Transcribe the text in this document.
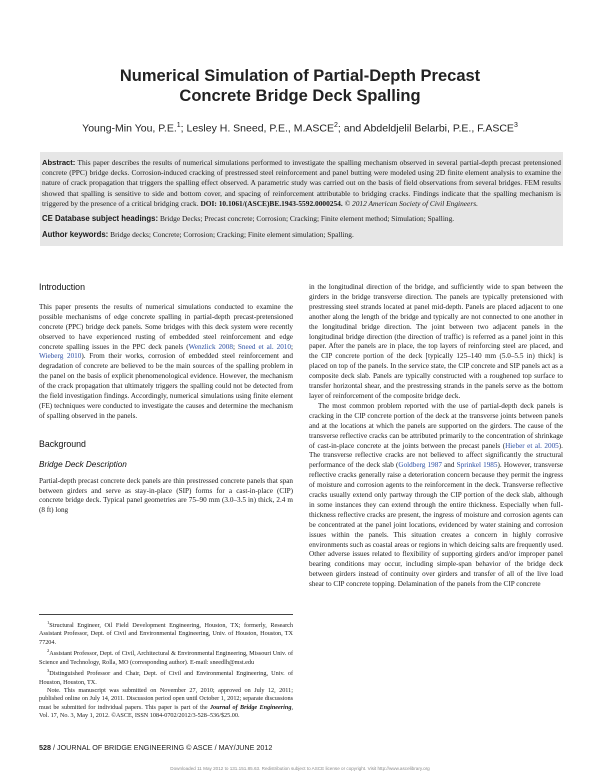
Numerical Simulation of Partial-Depth Precast
Concrete Bridge Deck Spalling
Young-Min You, P.E.$^1$; Lesley H. Sneed, P.E., M.ASCE$^2$; and Abdeldjelil Belarbi, P.E., F.ASCE$^3$

Abstract: This paper describes the results of numerical simulations performed to investigate the spalling mechanism observed in several partial-depth precast pretensioned concrete (PPC) bridge decks. Corrosion-induced cracking of prestressed steel reinforcement and panel butting were modeled using 2D finite element analysis to examine the nature of crack propagation that triggers the spalling effect observed. A parametric study was carried out on the basis of field observations from several bridges. FEM results showed that spalling is sensitive to side and bottom cover, and spacing of reinforcement attributable to bridging cracks. Findings indicate that the spalling mechanism is triggered by the presence of a critical bridging crack. DOI: 10.1061/(ASCE)BE.1943-5592.0000254. © 2012 American Society of Civil Engineers.

CE Database subject headings: Bridge Decks; Precast concrete; Corrosion; Cracking; Finite element method; Simulation; Spalling.
Author keywords: Bridge decks; Concrete; Corrosion; Cracking; Finite element simulation; Spalling.
Introduction

This paper presents the results of numerical simulations conducted to examine the possible mechanisms of edge concrete spalling in partial-depth precast-pretensioned concrete (PPC) bridge deck panels. Some bridges with this deck system were recently observed to have experienced rusting of embedded steel reinforcement and edge concrete spalling issues in the PPC deck panels (Wenzlick 2008; Sneed et al. 2010; Wieberg 2010). From their works, corrosion of embedded steel reinforcement and degradation of concrete are believed to be the main sources of the spalling problem in the panel on the basis of explicit phenomenological evidence. However, the mechanism of the crack propagation that ultimately triggers the spalling could not be detected from the field investigation findings. Accordingly, numerical simulations using finite element (FE) techniques were conducted to investigate the causes and determine the mechanism of spalling observed in the panels.

Background
Bridge Deck Description

Partial-depth precast concrete deck panels are thin prestressed concrete panels that span between girders and serve as stay-in-place (SIP) forms for a cast-in-place (CIP) concrete bridge deck. Typical panel geometries are 75–90 mm (3.0–3.5 in) thick, 2.4 m (8 ft) long

$^1$Structural Engineer, Oil Field Development Engineering, Houston, TX; formerly, Research Assistant Professor, Dept. of Civil and Environmental Engineering, Univ. of Houston, Houston, TX 77204.

$^2$Assistant Professor, Dept. of Civil, Architectural & Environmental Engineering, Missouri Univ. of Science and Technology, Rolla, MO (corresponding author). E-mail: sneedlh@mst.edu

$^3$Distinguished Professor and Chair, Dept. of Civil and Environmental Engineering, Univ. of Houston, Houston, TX.

Note. This manuscript was submitted on November 27, 2010; approved on July 12, 2011; published online on July 14, 2011. Discussion period open until October 1, 2012; separate discussions must be submitted for individual papers. This paper is part of the Journal of Bridge Engineering, Vol. 17, No. 3, May 1, 2012. ©ASCE, ISSN 1084-0702/2012/3-528–536/$25.00.

in the longitudinal direction of the bridge, and sufficiently wide to span between the girders in the bridge transverse direction. The panels are typically pretensioned with prestressing steel strands located at panel mid-depth. Panels are placed adjacent to one another along the length of the bridge and typically are not connected to one another in the longitudinal bridge direction. The joint between two adjacent panels in the longitudinal bridge direction (the direction of traffic) is referred as a panel joint in this paper. After the panels are in place, the top layers of reinforcing steel are placed, and the CIP concrete portion of the deck [typically 125–140 mm (5.0–5.5 in) thick] is placed on top of the panels. In the service state, the CIP concrete and SIP panels act as a composite deck slab. Panels are typically constructed with a roughened top surface to transfer horizontal shear, and the prestressing strands in the panels serve as the bottom layer of reinforcement of the composite bridge deck.

The most common problem reported with the use of partial-depth deck panels is cracking in the CIP concrete portion of the deck at the transverse joints between panels and at the locations at which the panels are supported on the girders. The cause of the transverse reflective cracks can be attributed primarily to the concentration of shrinkage of cast-in-place concrete at the joints between the precast panels (Hieber et al. 2005). The transverse reflective cracks are not believed to affect significantly the structural performance of the deck slab (Goldberg 1987 and Sprinkel 1985). However, transverse reflective cracks generally raise a deterioration concern because they permit the ingress of moisture and corrosion agents to the reinforcement in the deck. Transverse reflective cracks usually extend only partway through the CIP portion of the deck slab, although in some instances they can extend through the entire thickness. Especially when full-thickness reflective cracks are present, the ingress of moisture and corrosion agents can be concentrated at the panel joint locations, evidenced by water staining and corrosion issues within the panels. This situation creates a concern in highly corrosive environments such as coastal areas or regions in which deicing salts are frequently used. Other adverse issues related to flexibility of supporting girders and/or improper panel bearing conditions may occur, including simple-span behavior of the bridge deck between girders instead of continuity over girders and transfer of all of the live load shear to CIP concrete topping. Delamination of the panels from the CIP concrete

528 / JOURNAL OF BRIDGE ENGINEERING © ASCE / MAY/JUNE 2012
Downloaded 11 May 2012 to 131.151.85.63. Redistribution subject to ASCE license or copyright. Visit http://www.ascelibrary.org
